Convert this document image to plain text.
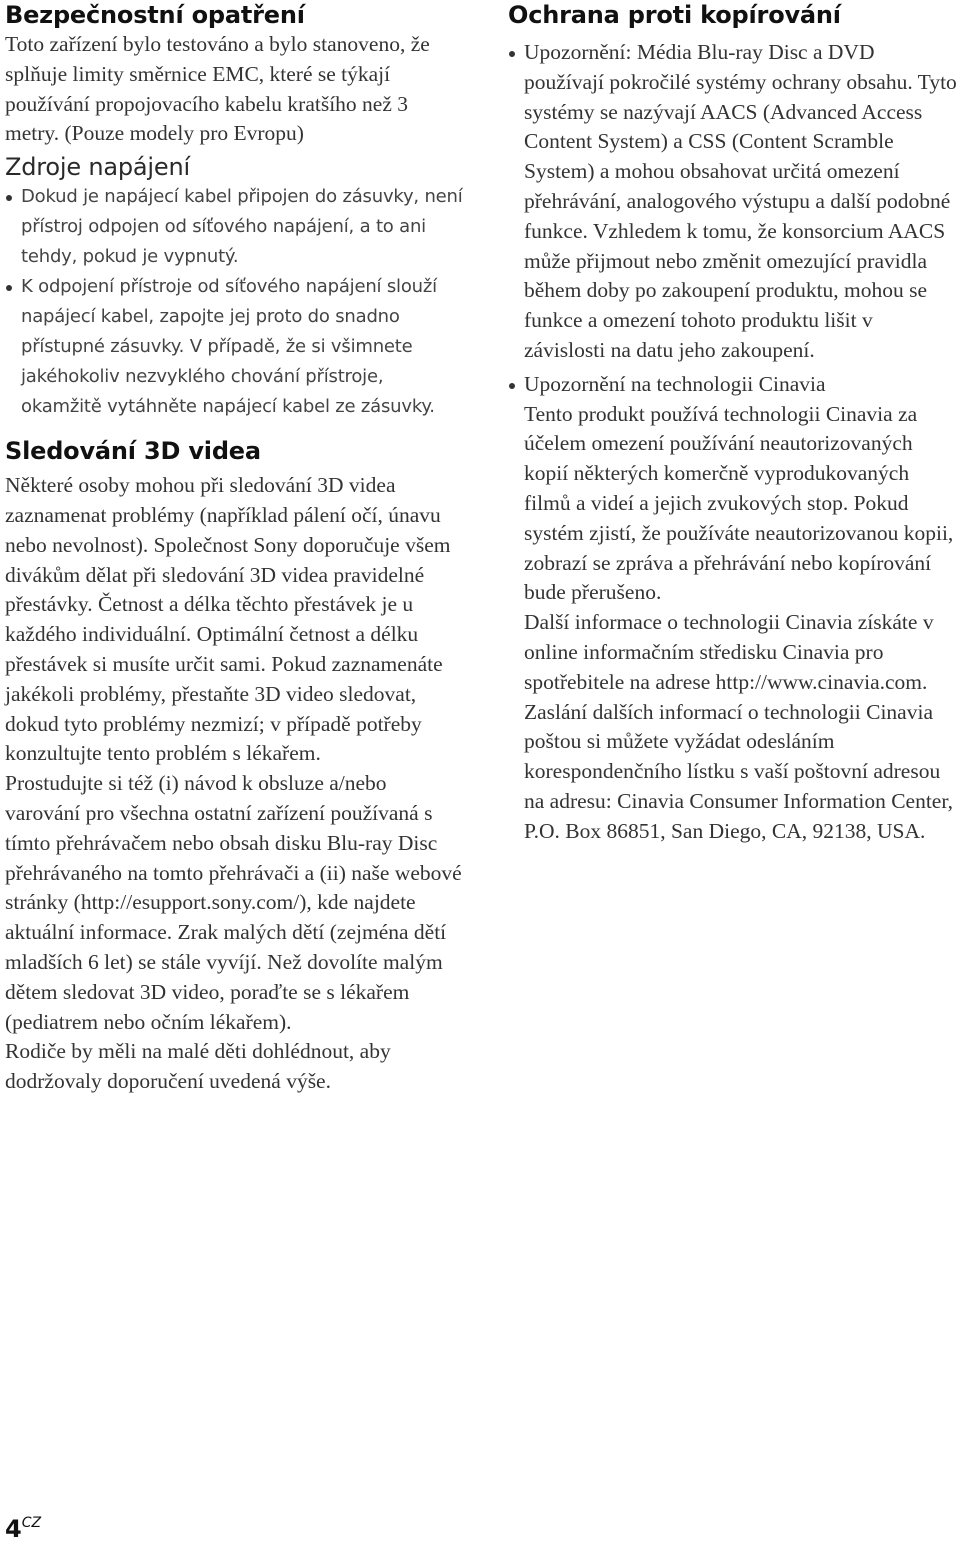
Bezpečnostní opatření

Toto zařízení bylo testováno a bylo stanoveno, že splňuje limity směrnice EMC, které se týkají používání propojovacího kabelu kratšího než 3 metry. (Pouze modely pro Evropu)

Zdroje napájení

Dokud je napájecí kabel připojen do zásuvky, není přístroj odpojen od síťového napájení, a to ani tehdy, pokud je vypnutý.

K odpojení přístroje od síťového napájení slouží napájecí kabel, zapojte jej proto do snadno přístupné zásuvky. V případě, že si všimnete jakéhokoliv nezvyklého chování přístroje, okamžitě vytáhněte napájecí kabel ze zásuvky.

Sledování 3D videa

Některé osoby mohou při sledování 3D videa zaznamenat problémy (například pálení očí, únavu nebo nevolnost). Společnost Sony doporučuje všem divákům dělat při sledování 3D videa pravidelné přestávky. Četnost a délka těchto přestávek je u každého individuální. Optimální četnost a délku přestávek si musíte určit sami. Pokud zaznamenáte jakékoli problémy, přestaňte 3D video sledovat, dokud tyto problémy nezmizí; v případě potřeby konzultujte tento problém s lékařem.

Prostudujte si též (i) návod k obsluze a/nebo varování pro všechna ostatní zařízení používaná s tímto přehrávačem nebo obsah disku Blu-ray Disc přehrávaného na tomto přehrávači a (ii) naše webové stránky (http://esupport.sony.com/), kde najdete aktuální informace. Zrak malých dětí (zejména dětí mladších 6 let) se stále vyvíjí. Než dovolíte malým dětem sledovat 3D video, poraďte se s lékařem (pediatrem nebo očním lékařem).

Rodiče by měli na malé děti dohlédnout, aby dodržovaly doporučení uvedená výše.

Ochrana proti kopírování

Upozornění: Média Blu-ray Disc a DVD používají pokročilé systémy ochrany obsahu. Tyto systémy se nazývají AACS (Advanced Access Content System) a CSS (Content Scramble System) a mohou obsahovat určitá omezení přehrávání, analogového výstupu a další podobné funkce. Vzhledem k tomu, že konsorcium AACS může přijmout nebo změnit omezující pravidla během doby po zakoupení produktu, mohou se funkce a omezení tohoto produktu lišit v závislosti na datu jeho zakoupení.

Upozornění na technologii Cinavia

Tento produkt používá technologii Cinavia za účelem omezení používání neautorizovaných kopií některých komerčně vyprodukovaných filmů a videí a jejich zvukových stop. Pokud systém zjistí, že používáte neautorizovanou kopii, zobrazí se zpráva a přehrávání nebo kopírování bude přerušeno.

Další informace o technologii Cinavia získáte v online informačním středisku Cinavia pro spotřebitele na adrese http://www.cinavia.com. Zaslání dalších informací o technologii Cinavia poštou si můžete vyžádat odesláním korespondenčního lístku s vaší poštovní adresou na adresu: Cinavia Consumer Information Center, P.O. Box 86851, San Diego, CA, 92138, USA.

4CZ
